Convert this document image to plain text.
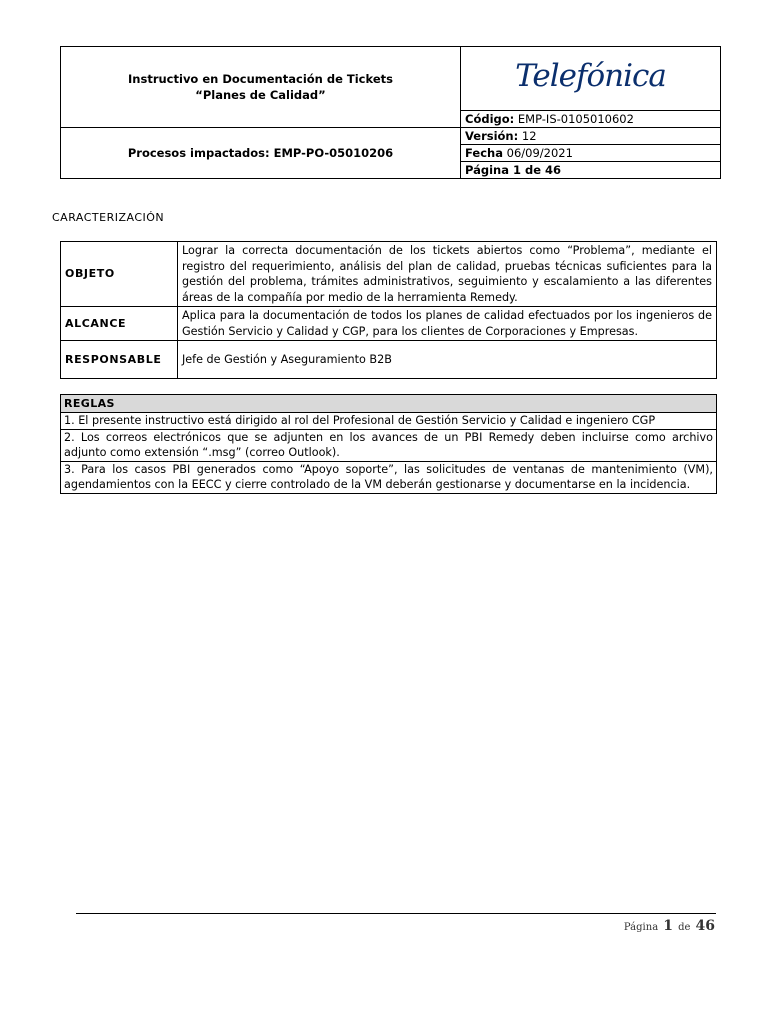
Instructivo en Documentación de Tickets
“Planes de Calidad”	Telefónica
	Código: EMP-IS-0105010602
Procesos impactados: EMP-PO-05010206	Versión: 12
	Fecha 06/09/2021
	Página 1 de 46

CARACTERIZACIÓN

OBJETO	Lograr la correcta documentación de los tickets abiertos como “Problema”, mediante el registro del requerimiento, análisis del plan de calidad, pruebas técnicas suficientes para la gestión del problema, trámites administrativos, seguimiento y escalamiento a las diferentes áreas de la compañía por medio de la herramienta Remedy.
ALCANCE	Aplica para la documentación de todos los planes de calidad efectuados por los ingenieros de Gestión Servicio y Calidad y CGP, para los clientes de Corporaciones y Empresas.
RESPONSABLE	Jefe de Gestión y Aseguramiento B2B
REGLAS
1. El presente instructivo está dirigido al rol del Profesional de Gestión Servicio y Calidad e ingeniero CGP
2. Los correos electrónicos que se adjunten en los avances de un PBI Remedy deben incluirse como archivo adjunto como extensión “.msg” (correo Outlook).
3. Para los casos PBI generados como “Apoyo soporte”, las solicitudes de ventanas de mantenimiento (VM), agendamientos con la EECC y cierre controlado de la VM deberán gestionarse y documentarse en la incidencia.
Página 1 de 46
